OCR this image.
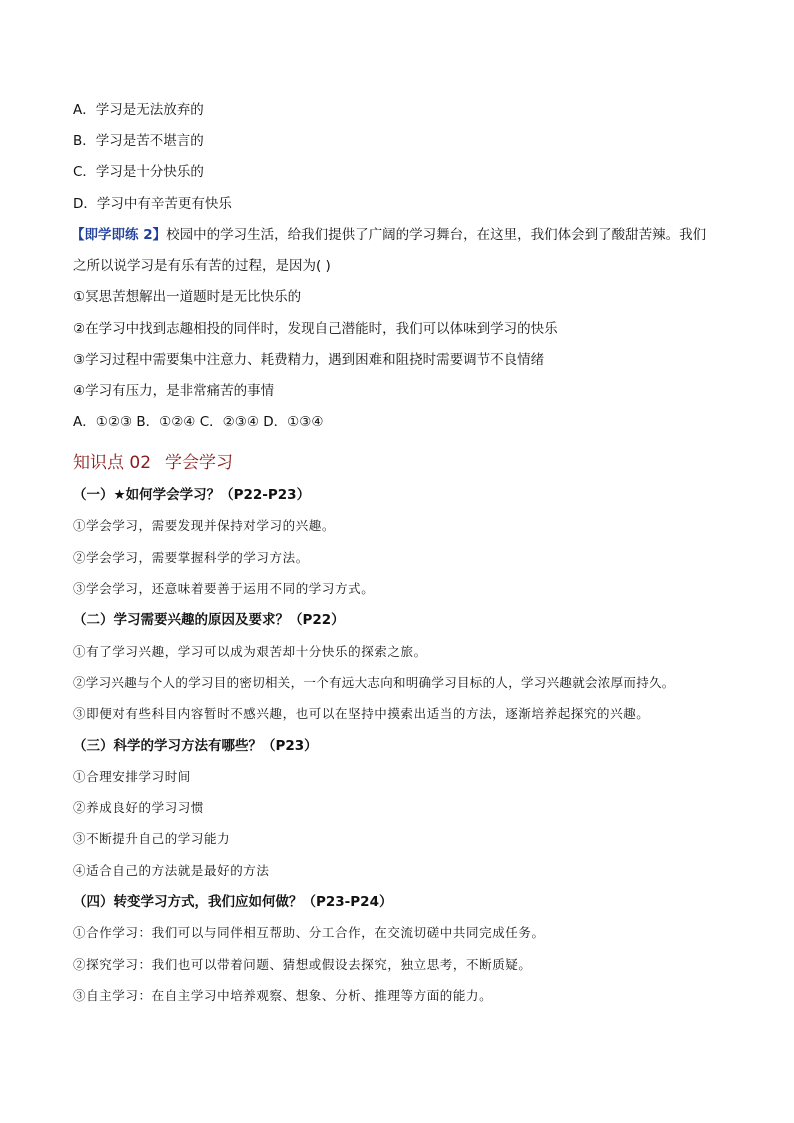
A．学习是无法放弃的
B．学习是苦不堪言的
C．学习是十分快乐的
D．学习中有辛苦更有快乐
【即学即练 2】校园中的学习生活，给我们提供了广阔的学习舞台，在这里，我们体会到了酸甜苦辣。我们
之所以说学习是有乐有苦的过程，是因为( )
①冥思苦想解出一道题时是无比快乐的
②在学习中找到志趣相投的同伴时，发现自己潜能时，我们可以体味到学习的快乐
③学习过程中需要集中注意力、耗费精力，遇到困难和阻挠时需要调节不良情绪
④学习有压力，是非常痛苦的事情
A．①②③ B．①②④ C．②③④ D．①③④
知识点 02 学会学习
（一）★如何学会学习？（P22-P23）
①学会学习，需要发现并保持对学习的兴趣。
②学会学习，需要掌握科学的学习方法。
③学会学习，还意味着要善于运用不同的学习方式。
（二）学习需要兴趣的原因及要求？（P22）
①有了学习兴趣，学习可以成为艰苦却十分快乐的探索之旅。
②学习兴趣与个人的学习目的密切相关，一个有远大志向和明确学习目标的人，学习兴趣就会浓厚而持久。
③即便对有些科目内容暂时不感兴趣，也可以在坚持中摸索出适当的方法，逐渐培养起探究的兴趣。
（三）科学的学习方法有哪些？（P23）
①合理安排学习时间
②养成良好的学习习惯
③不断提升自己的学习能力
④适合自己的方法就是最好的方法
（四）转变学习方式，我们应如何做？（P23-P24）
①合作学习：我们可以与同伴相互帮助、分工合作，在交流切磋中共同完成任务。
②探究学习：我们也可以带着问题、猜想或假设去探究，独立思考，不断质疑。
③自主学习：在自主学习中培养观察、想象、分析、推理等方面的能力。
